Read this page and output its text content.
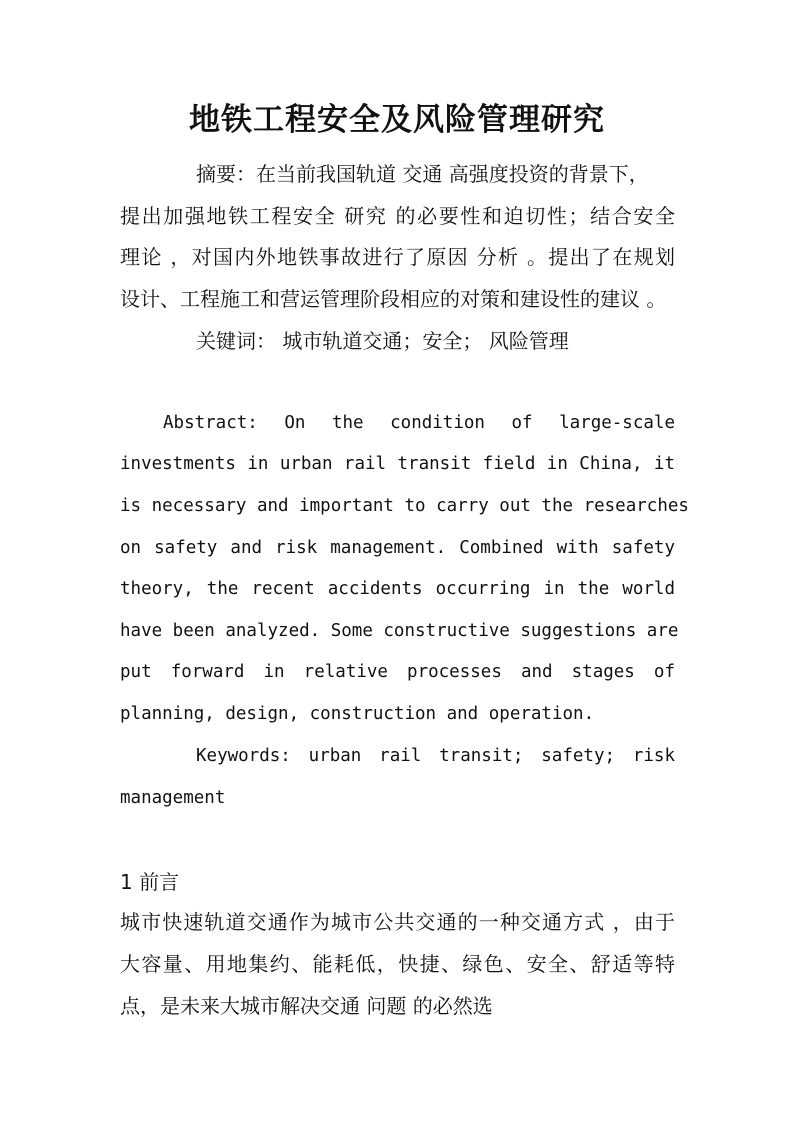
地铁工程安全及风险管理研究

摘要：在当前我国轨道 交通 高强度投资的背景下，

提出加强地铁工程安全 研究 的必要性和迫切性；结合安全

理论 ，对国内外地铁事故进行了原因 分析 。提出了在规划

设计、工程施工和营运管理阶段相应的对策和建设性的建议 。

关键词： 城市轨道交通；安全； 风险管理

Abstract: On the condition of large-scale

investments in urban rail transit field in China, it

is necessary and important to carry out the researches

on safety and risk management. Combined with safety

theory, the recent accidents occurring in the world

have been analyzed. Some constructive suggestions are

put forward in relative processes and stages of

planning, design, construction and operation.

Keywords: urban rail transit; safety; risk

management

1 前言

城市快速轨道交通作为城市公共交通的一种交通方式 ，由于

大容量、用地集约、能耗低，快捷、绿色、安全、舒适等特

点，是未来大城市解决交通 问题 的必然选
